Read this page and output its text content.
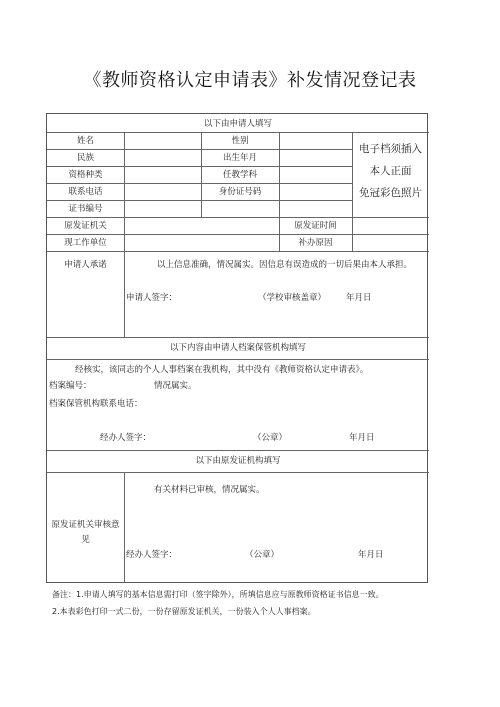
《教师资格认定申请表》补发情况登记表
以下由申请人填写
姓名	性别
民族	出生年月
资格种类	任教学科
联系电话	身份证号码
证书编号
原发证机关	原发证时间
现工作单位	补办原因
电子档须插入
本人正面
免冠彩色照片
申请人承诺	以上信息准确，情况属实。因信息有误造成的一切后果由本人承担。
申请人签字：	（学校审核盖章） 年月日
以下内容由申请人档案保管机构填写
经核实，该同志的个人人事档案在我机构，其中没有《教师资格认定申请表》。
档案编号：	情况属实。
档案保管机构联系电话：
经办人签字：	（公章）	年月日
以下由原发证机构填写
有关材料已审核，情况属实。
原发证机关审核意
见
经办人签字：	（公章）	年月日
备注：1.申请人填写的基本信息需打印（签字除外），所填信息应与原教师资格证书信息一致。
2.本表彩色打印一式二份，一份存留原发证机关，一份装入个人人事档案。
